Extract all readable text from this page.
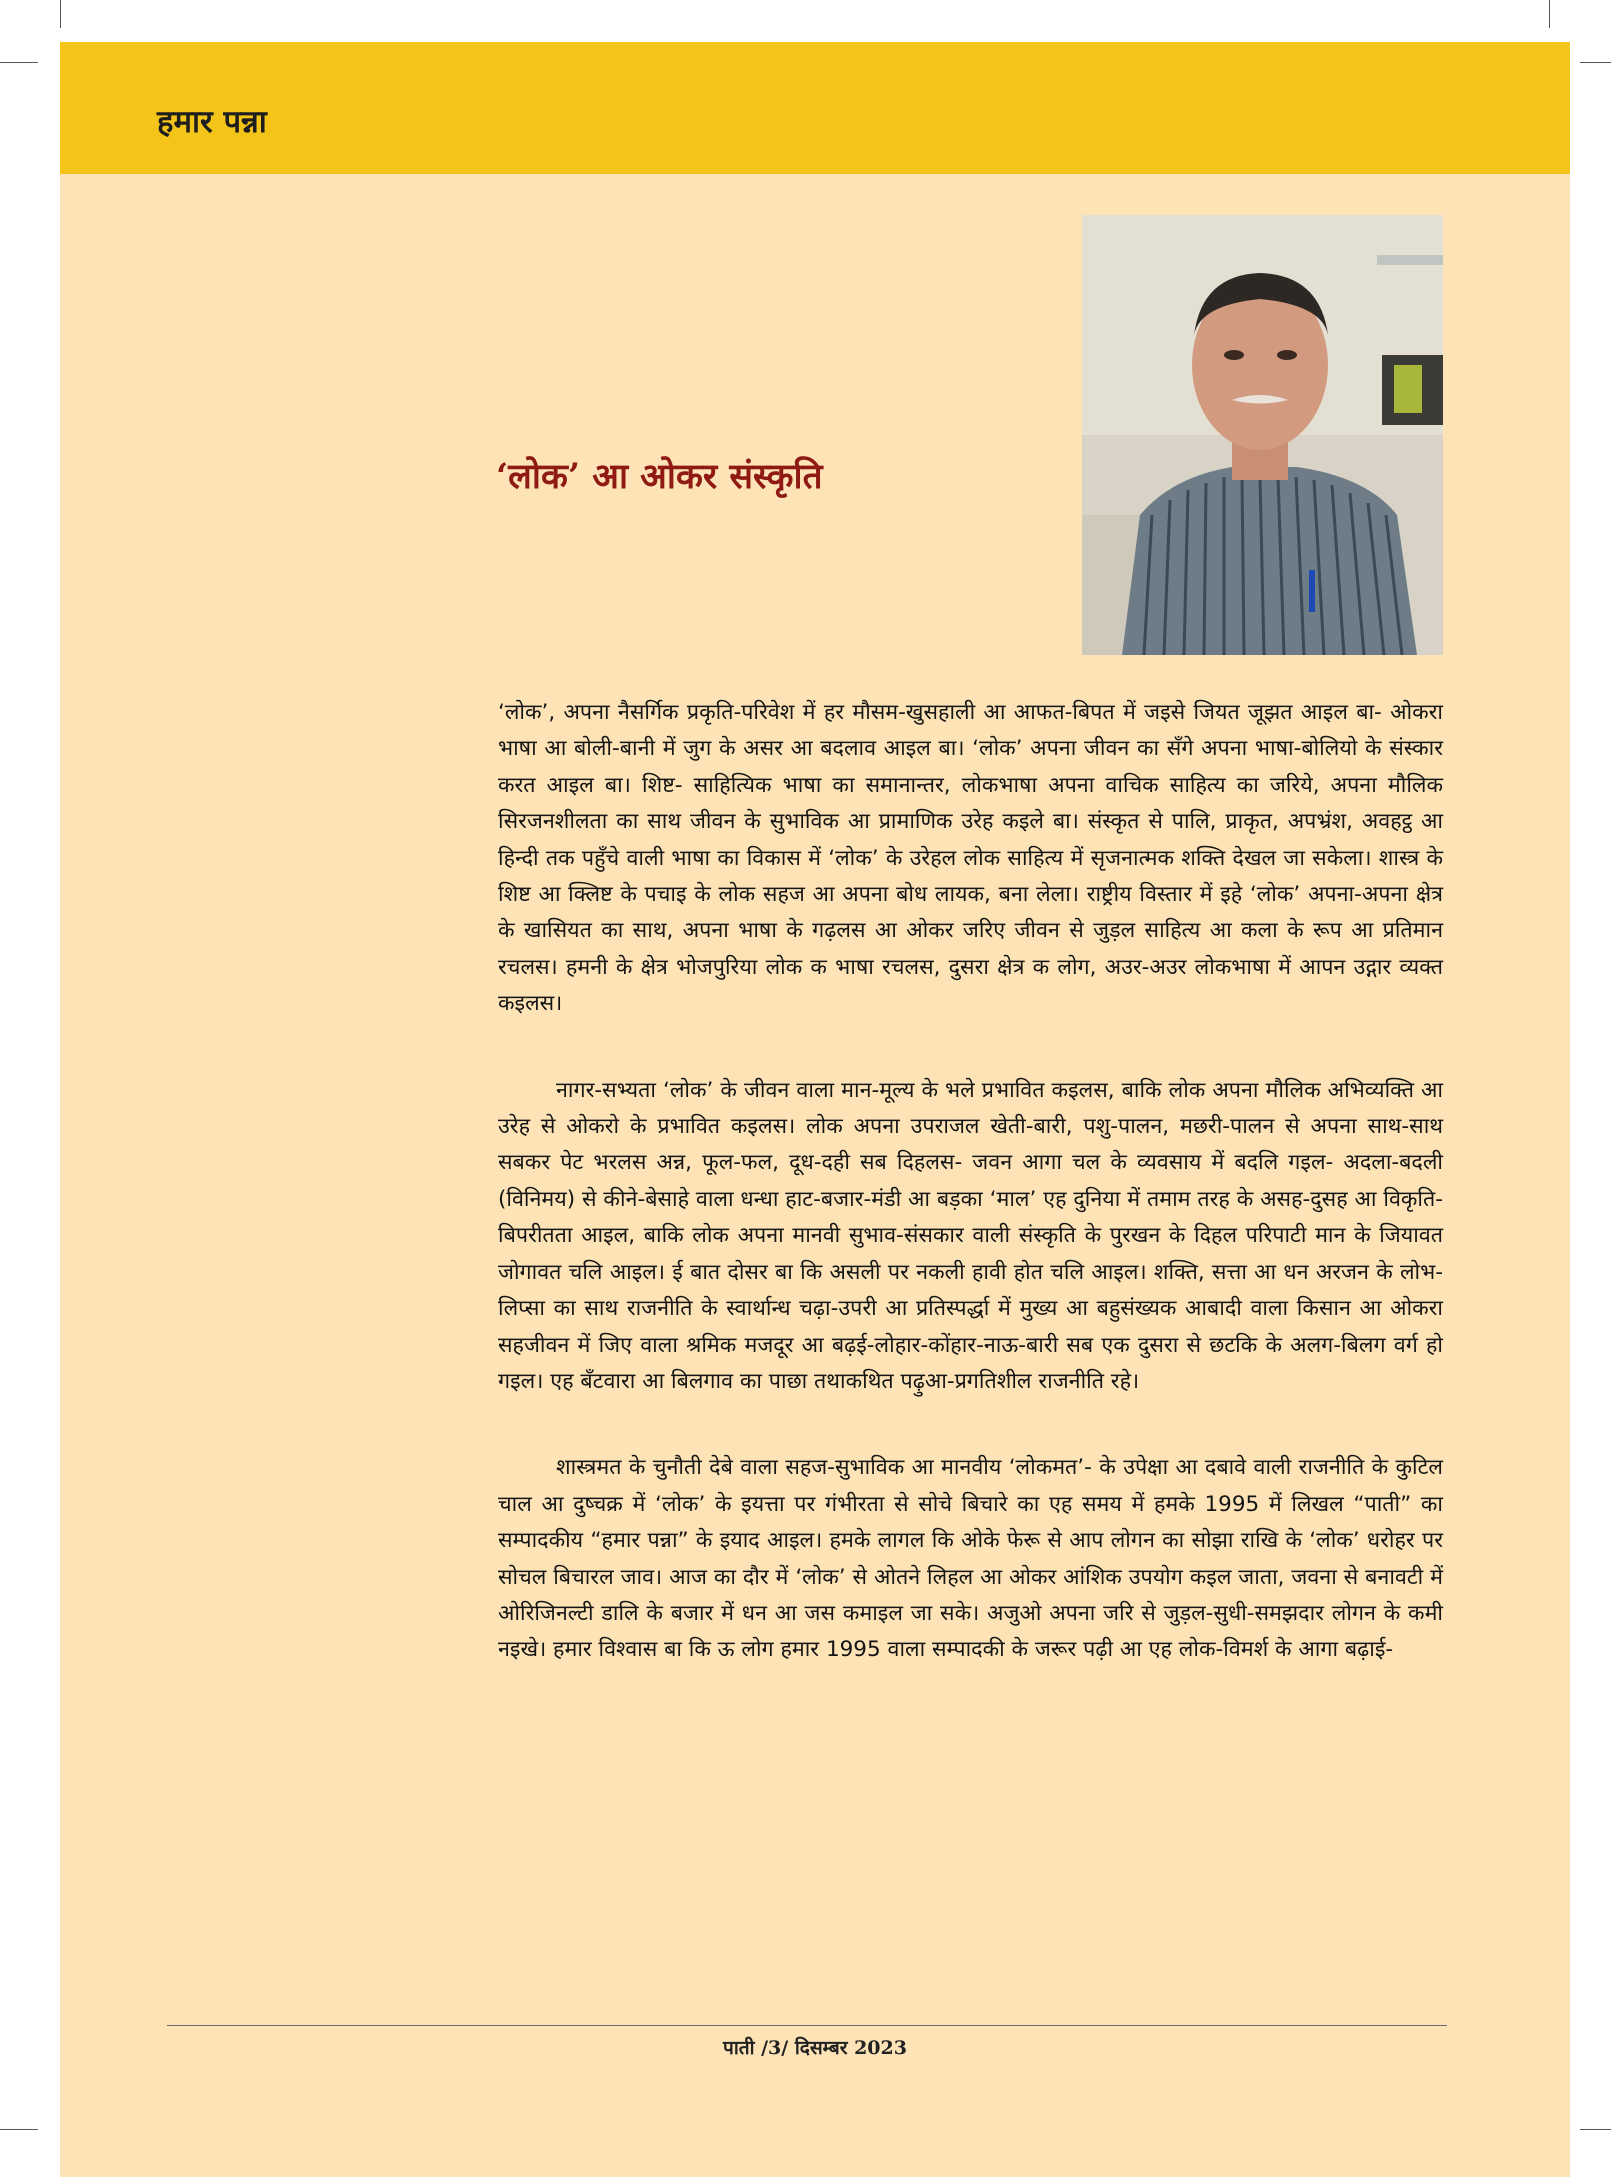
हमार पन्ना
‘लोक’ आ ओकर संस्कृति

‘लोक’, अपना नैसर्गिक प्रकृति-परिवेश में हर मौसम-खुसहाली आ आफत-बिपत में जइसे जियत जूझत आइल बा- ओकरा भाषा आ बोली-बानी में जुग के असर आ बदलाव आइल बा। ‘लोक’ अपना जीवन का सँगे अपना भाषा-बोलियो के संस्कार करत आइल बा। शिष्ट- साहित्यिक भाषा का समानान्तर, लोकभाषा अपना वाचिक साहित्य का जरिये, अपना मौलिक सिरजनशीलता का साथ जीवन के सुभाविक आ प्रामाणिक उरेह कइले बा। संस्कृत से पालि, प्राकृत, अपभ्रंश, अवहट्ठ आ हिन्दी तक पहुँचे वाली भाषा का विकास में ‘लोक’ के उरेहल लोक साहित्य में सृजनात्मक शक्ति देखल जा सकेला। शास्त्र के शिष्ट आ क्लिष्ट के पचाइ के लोक सहज आ अपना बोध लायक, बना लेला। राष्ट्रीय विस्तार में इहे ‘लोक’ अपना-अपना क्षेत्र के खासियत का साथ, अपना भाषा के गढ़लस आ ओकर जरिए जीवन से जुड़ल साहित्य आ कला के रूप आ प्रतिमान रचलस। हमनी के क्षेत्र भोजपुरिया लोक क भाषा रचलस, दुसरा क्षेत्र क लोग, अउर-अउर लोकभाषा में आपन उद्गार व्यक्त कइलस।

नागर-सभ्यता ‘लोक’ के जीवन वाला मान-मूल्य के भले प्रभावित कइलस, बाकि लोक अपना मौलिक अभिव्यक्ति आ उरेह से ओकरो के प्रभावित कइलस। लोक अपना उपराजल खेती-बारी, पशु-पालन, मछरी-पालन से अपना साथ-साथ सबकर पेट भरलस अन्न, फूल-फल, दूध-दही सब दिहलस- जवन आगा चल के व्यवसाय में बदलि गइल- अदला-बदली (विनिमय) से कीने-बेसाहे वाला धन्धा हाट-बजार-मंडी आ बड़का ‘माल’ एह दुनिया में तमाम तरह के असह-दुसह आ विकृति-बिपरीतता आइल, बाकि लोक अपना मानवी सुभाव-संसकार वाली संस्कृति के पुरखन के दिहल परिपाटी मान के जियावत जोगावत चलि आइल। ई बात दोसर बा कि असली पर नकली हावी होत चलि आइल। शक्ति, सत्ता आ धन अरजन के लोभ-लिप्सा का साथ राजनीति के स्वार्थान्ध चढ़ा-उपरी आ प्रतिस्पर्द्धा में मुख्य आ बहुसंख्यक आबादी वाला किसान आ ओकरा सहजीवन में जिए वाला श्रमिक मजदूर आ बढ़ई-लोहार-कोंहार-नाऊ-बारी सब एक दुसरा से छटकि के अलग-बिलग वर्ग हो गइल। एह बँटवारा आ बिलगाव का पाछा तथाकथित पढ़ुआ-प्रगतिशील राजनीति रहे।

शास्त्रमत के चुनौती देबे वाला सहज-सुभाविक आ मानवीय ‘लोकमत’- के उपेक्षा आ दबावे वाली राजनीति के कुटिल चाल आ दुष्चक्र में ‘लोक’ के इयत्ता पर गंभीरता से सोचे बिचारे का एह समय में हमके 1995 में लिखल “पाती” का सम्पादकीय “हमार पन्ना” के इयाद आइल। हमके लागल कि ओके फेरू से आप लोगन का सोझा राखि के ‘लोक’ धरोहर पर सोचल बिचारल जाव। आज का दौर में ‘लोक’ से ओतने लिहल आ ओकर आंशिक उपयोग कइल जाता, जवना से बनावटी में ओरिजिनल्टी डालि के बजार में धन आ जस कमाइल जा सके। अजुओ अपना जरि से जुड़ल-सुधी-समझदार लोगन के कमी नइखे। हमार विश्वास बा कि ऊ लोग हमार 1995 वाला सम्पादकी के जरूर पढ़ी आ एह लोक-विमर्श के आगा बढ़ाई-

पाती /3/ दिसम्बर 2023
